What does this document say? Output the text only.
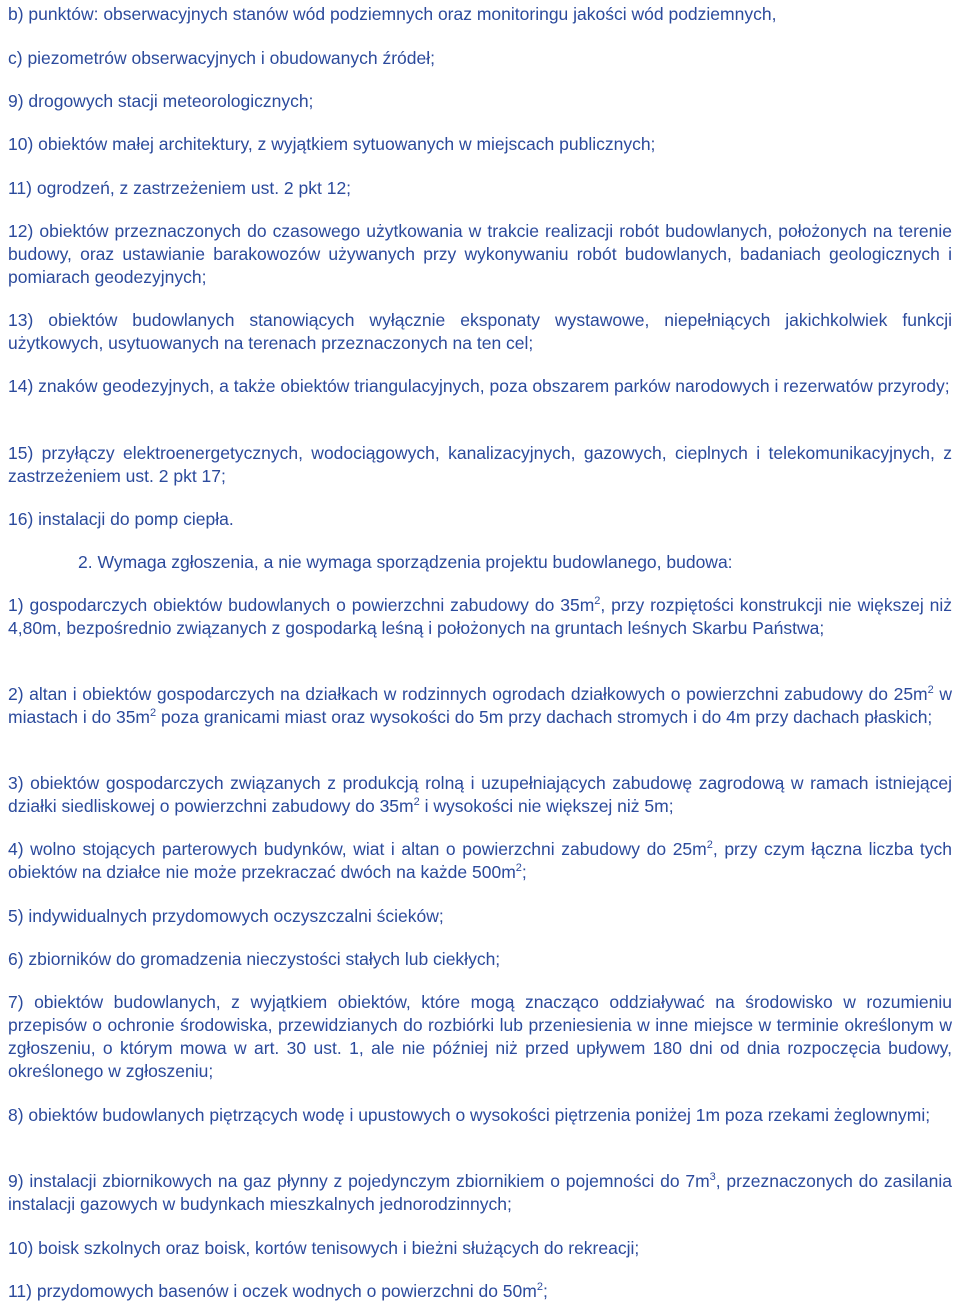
b) punktów: obserwacyjnych stanów wód podziemnych oraz monitoringu jakości wód podziemnych,

c) piezometrów obserwacyjnych i obudowanych źródeł;

9) drogowych stacji meteorologicznych;

10) obiektów małej architektury, z wyjątkiem sytuowanych w miejscach publicznych;

11) ogrodzeń, z zastrzeżeniem ust. 2 pkt 12;

12) obiektów przeznaczonych do czasowego użytkowania w trakcie realizacji robót budowlanych, położonych na terenie budowy, oraz ustawianie barakowozów używanych przy wykonywaniu robót budowlanych, badaniach geologicznych i pomiarach geodezyjnych;

13) obiektów budowlanych stanowiących wyłącznie eksponaty wystawowe, niepełniących jakichkolwiek funkcji użytkowych, usytuowanych na terenach przeznaczonych na ten cel;

14) znaków geodezyjnych, a także obiektów triangulacyjnych, poza obszarem parków narodowych i rezerwatów przyrody;

15) przyłączy elektroenergetycznych, wodociągowych, kanalizacyjnych, gazowych, cieplnych i telekomunikacyjnych, z zastrzeżeniem ust. 2 pkt 17;

16) instalacji do pomp ciepła.

2. Wymaga zgłoszenia, a nie wymaga sporządzenia projektu budowlanego, budowa:

1) gospodarczych obiektów budowlanych o powierzchni zabudowy do $35m^2$, przy rozpiętości konstrukcji nie większej niż 4,80m, bezpośrednio związanych z gospodarką leśną i położonych na gruntach leśnych Skarbu Państwa;

2) altan i obiektów gospodarczych na działkach w rodzinnych ogrodach działkowych o powierzchni zabudowy do $25m^2$ w miastach i do $35m^2$ poza granicami miast oraz wysokości do 5m przy dachach stromych i do 4m przy dachach płaskich;

3) obiektów gospodarczych związanych z produkcją rolną i uzupełniających zabudowę zagrodową w ramach istniejącej działki siedliskowej o powierzchni zabudowy do $35m^2$ i wysokości nie większej niż 5m;

4) wolno stojących parterowych budynków, wiat i altan o powierzchni zabudowy do $25m^2$, przy czym łączna liczba tych obiektów na działce nie może przekraczać dwóch na każde $500m^2$;

5) indywidualnych przydomowych oczyszczalni ścieków;

6) zbiorników do gromadzenia nieczystości stałych lub ciekłych;

7) obiektów budowlanych, z wyjątkiem obiektów, które mogą znacząco oddziaływać na środowisko w rozumieniu przepisów o ochronie środowiska, przewidzianych do rozbiórki lub przeniesienia w inne miejsce w terminie określonym w zgłoszeniu, o którym mowa w art. 30 ust. 1, ale nie później niż przed upływem 180 dni od dnia rozpoczęcia budowy, określonego w zgłoszeniu;

8) obiektów budowlanych piętrzących wodę i upustowych o wysokości piętrzenia poniżej 1m poza rzekami żeglownymi;

9) instalacji zbiornikowych na gaz płynny z pojedynczym zbiornikiem o pojemności do $7m^3$, przeznaczonych do zasilania instalacji gazowych w budynkach mieszkalnych jednorodzinnych;

10) boisk szkolnych oraz boisk, kortów tenisowych i bieżni służących do rekreacji;

11) przydomowych basenów i oczek wodnych o powierzchni do $50m^2$;
